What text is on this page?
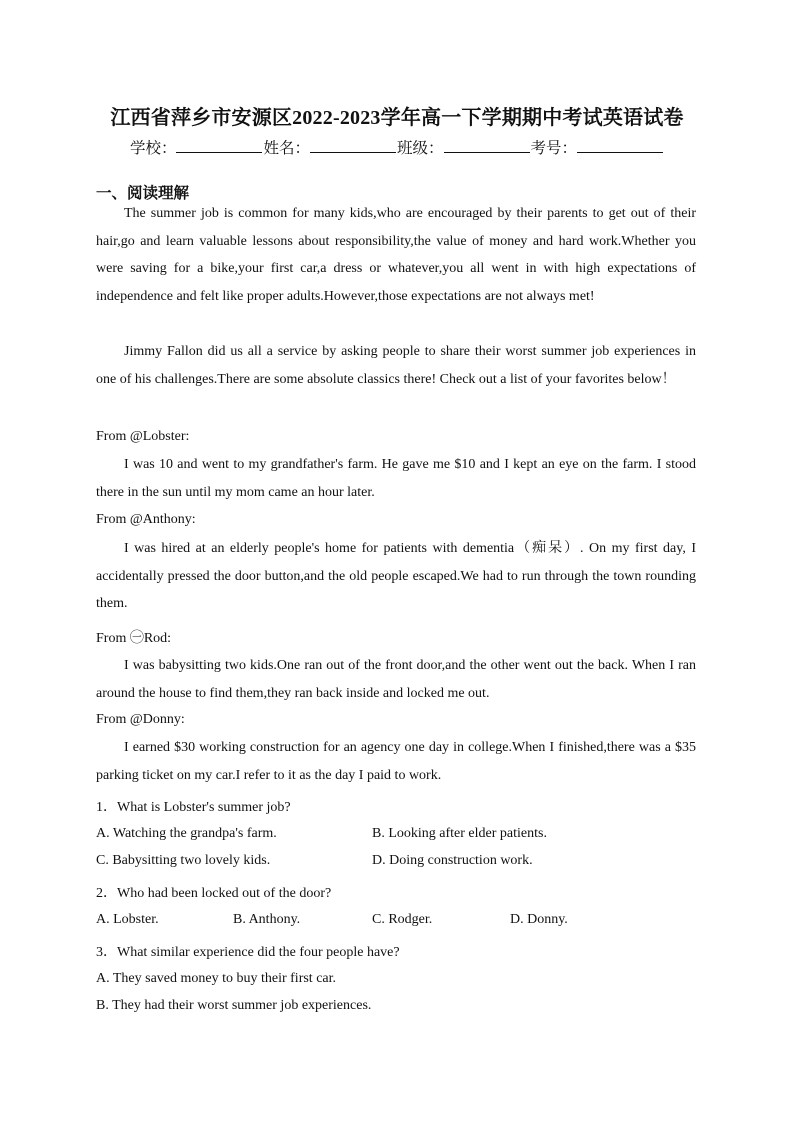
江西省萍乡市安源区2022-2023学年高一下学期期中考试英语试卷
学校：	姓名：	班级：	考号：
一、阅读理解

The summer job is common for many kids,who are encouraged by their parents to get out of their hair,go and learn valuable lessons about responsibility,the value of money and hard work.Whether you were saving for a bike,your first car,a dress or whatever,you all went in with high expectations of independence and felt like proper adults.However,those expectations are not always met!

Jimmy Fallon did us all a service by asking people to share their worst summer job experiences in one of his challenges.There are some absolute classics there! Check out a list of your favorites below！

From @Lobster:

I was 10 and went to my grandfather's farm. He gave me $10 and I kept an eye on the farm. I stood there in the sun until my mom came an hour later.

From @Anthony:

I was hired at an elderly people's home for patients with dementia（痴呆）. On my first day, I accidentally pressed the door button,and the old people escaped.We had to run through the town rounding them.

From ㊀Rod:

I was babysitting two kids.One ran out of the front door,and the other went out the back. When I ran around the house to find them,they ran back inside and locked me out.

From @Donny:

I earned $30 working construction for an agency one day in college.When I finished,there was a $35 parking ticket on my car.I refer to it as the day I paid to work.

1．What is Lobster's summer job?
A. Watching the grandpa's farm.	B. Looking after elder patients.
C. Babysitting two lovely kids.	D. Doing construction work.
2．Who had been locked out of the door?
A. Lobster.	B. Anthony.	C. Rodger.	D. Donny.
3．What similar experience did the four people have?
A. They saved money to buy their first car.
B. They had their worst summer job experiences.
